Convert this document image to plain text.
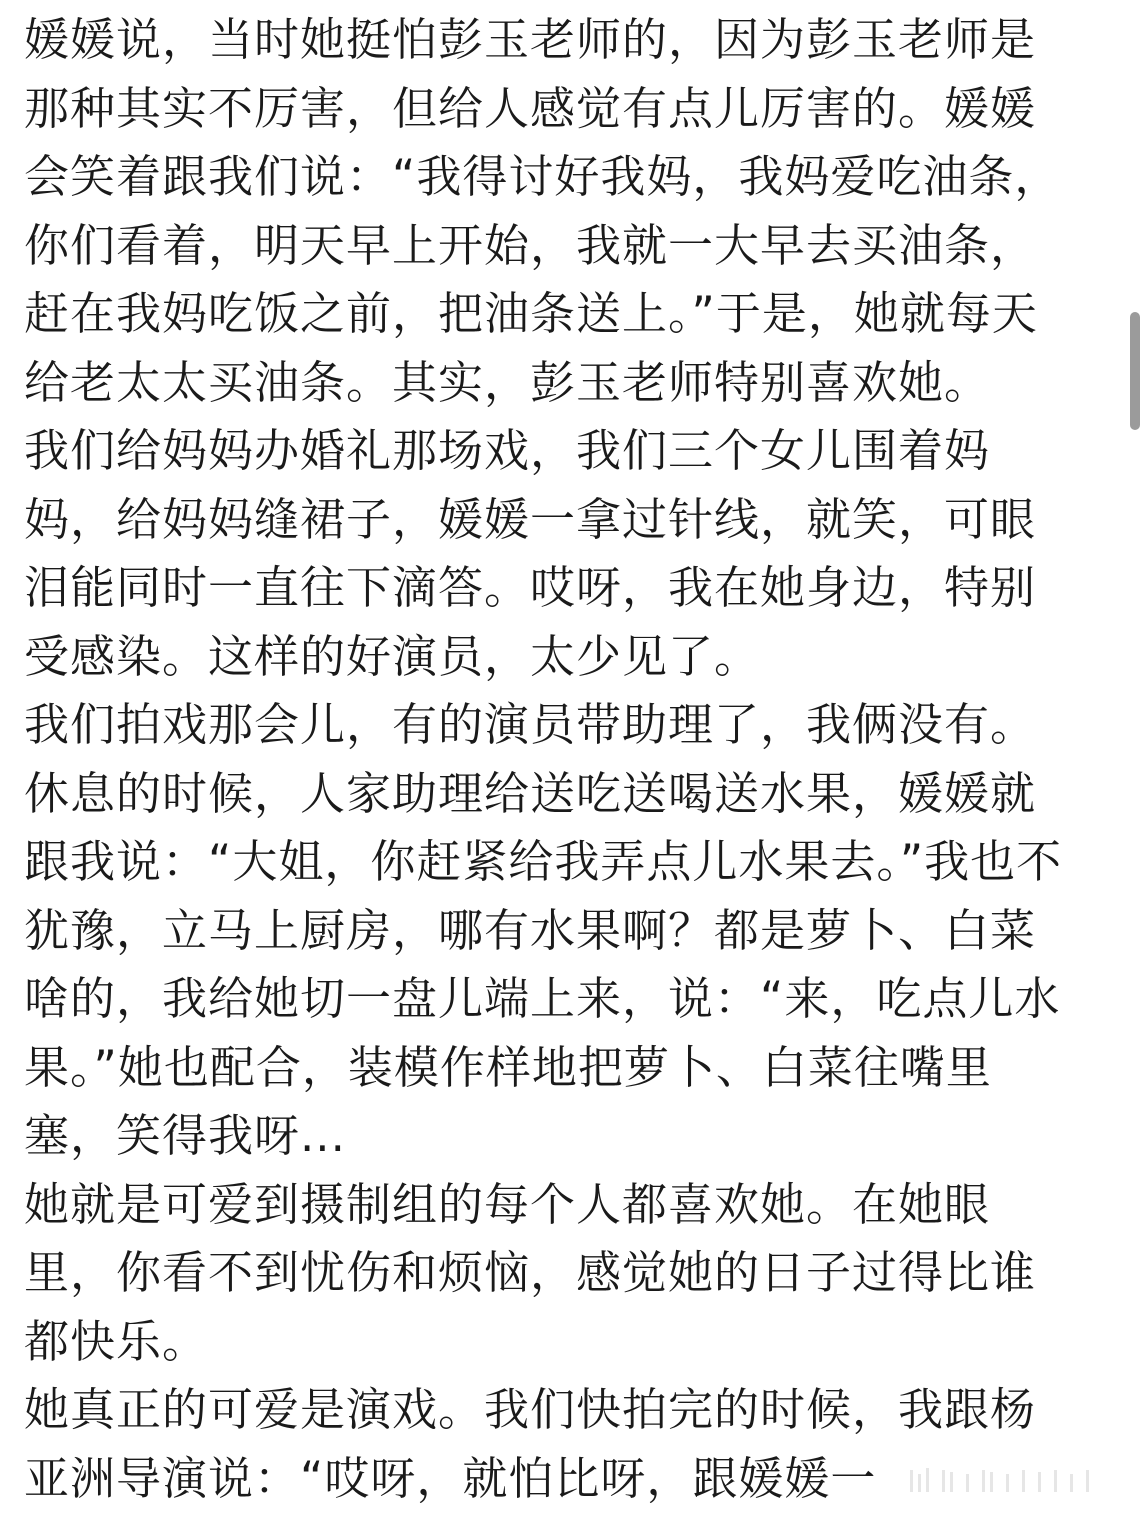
媛媛说，当时她挺怕彭玉老师的，因为彭玉老师是
那种其实不厉害，但给人感觉有点儿厉害的。媛媛
会笑着跟我们说：“我得讨好我妈，我妈爱吃油条，
你们看着，明天早上开始，我就一大早去买油条，
赶在我妈吃饭之前，把油条送上。”于是，她就每天
给老太太买油条。其实，彭玉老师特别喜欢她。
我们给妈妈办婚礼那场戏，我们三个女儿围着妈
妈，给妈妈缝裙子，媛媛一拿过针线，就笑，可眼
泪能同时一直往下滴答。哎呀，我在她身边，特别
受感染。这样的好演员，太少见了。
我们拍戏那会儿，有的演员带助理了，我俩没有。
休息的时候，人家助理给送吃送喝送水果，媛媛就
跟我说：“大姐，你赶紧给我弄点儿水果去。”我也不
犹豫，立马上厨房，哪有水果啊？都是萝卜、白菜
啥的，我给她切一盘儿端上来，说：“来，吃点儿水
果。”她也配合，装模作样地把萝卜、白菜往嘴里
塞，笑得我呀...
她就是可爱到摄制组的每个人都喜欢她。在她眼
里，你看不到忧伤和烦恼，感觉她的日子过得比谁
都快乐。
她真正的可爱是演戏。我们快拍完的时候，我跟杨
亚洲导演说：“哎呀，就怕比呀，跟媛媛一
